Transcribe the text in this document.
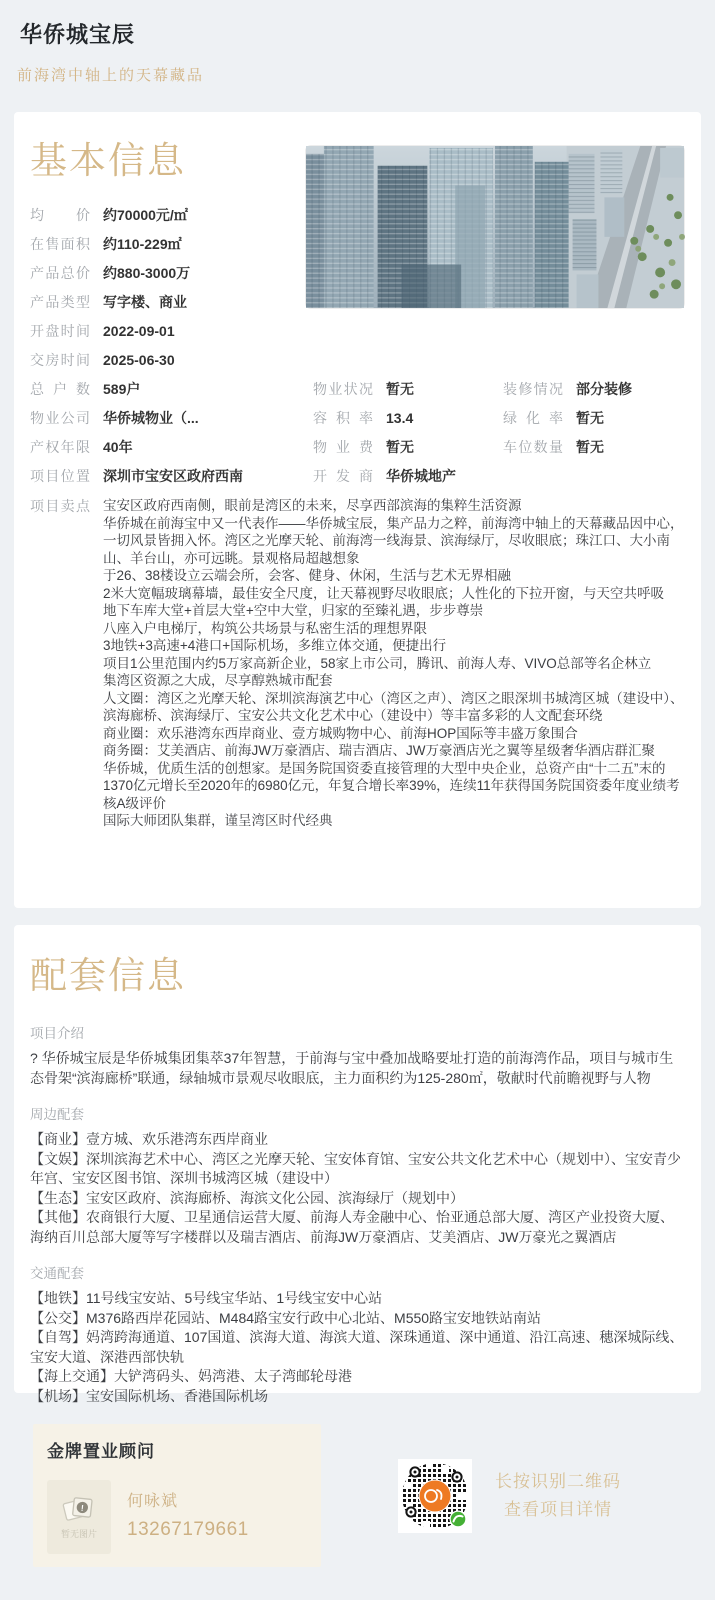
华侨城宝辰
前海湾中轴上的天幕藏品
基本信息
均价 约70000元/㎡
在售面积 约110-229㎡
产品总价 约880-3000万
产品类型 写字楼、商业
开盘时间 2022-09-01
交房时间 2025-06-30
总户数 589户
物业公司 华侨城物业（...
产权年限 40年
项目位置 深圳市宝安区政府西南
物业状况 暂无
容积率 13.4
物业费 暂无
开发商 华侨城地产
装修情况 部分装修
绿化率 暂无
车位数量 暂无
项目卖点 宝安区政府西南侧，眼前是湾区的未来，尽享西部滨海的集粹生活资源

华侨城在前海宝中又一代表作——华侨城宝辰，集产品力之粹，前海湾中轴上的天幕藏品因中心，一切风景皆拥入怀。湾区之光摩天轮、前海湾一线海景、滨海绿厅，尽收眼底；珠江口、大小南山、羊台山，亦可远眺。景观格局超越想象

于26、38楼设立云端会所，会客、健身、休闲，生活与艺术无界相融

2米大宽幅玻璃幕墙，最佳安全尺度，让天幕视野尽收眼底；人性化的下拉开窗，与天空共呼吸

地下车库大堂+首层大堂+空中大堂，归家的至臻礼遇，步步尊崇

八座入户电梯厅，构筑公共场景与私密生活的理想界限

3地铁+3高速+4港口+国际机场，多维立体交通，便捷出行

项目1公里范围内约5万家高新企业，58家上市公司，腾讯、前海人寿、VIVO总部等名企林立

集湾区资源之大成，尽享醇熟城市配套

人文圈：湾区之光摩天轮、深圳滨海演艺中心（湾区之声）、湾区之眼深圳书城湾区城（建设中）、滨海廊桥、滨海绿厅、宝安公共文化艺术中心（建设中）等丰富多彩的人文配套环绕

商业圈：欢乐港湾东西岸商业、壹方城购物中心、前海HOP国际等丰盛万象围合

商务圈：艾美酒店、前海JW万豪酒店、瑞吉酒店、JW万豪酒店光之翼等星级奢华酒店群汇聚

华侨城，优质生活的创想家。是国务院国资委直接管理的大型中央企业，总资产由“十二五”末的1370亿元增长至2020年的6980亿元，年复合增长率39%，连续11年获得国务院国资委年度业绩考核A级评价

国际大师团队集群，谨呈湾区时代经典

配套信息
项目介绍

? 华侨城宝辰是华侨城集团集萃37年智慧，于前海与宝中叠加战略要址打造的前海湾作品，项目与城市生态骨架“滨海廊桥”联通，绿轴城市景观尽收眼底，主力面积约为125-280㎡，敬献时代前瞻视野与人物

周边配套

【商业】壹方城、欢乐港湾东西岸商业

【文娱】深圳滨海艺术中心、湾区之光摩天轮、宝安体育馆、宝安公共文化艺术中心（规划中）、宝安青少年宫、宝安区图书馆、深圳书城湾区城（建设中）

【生态】宝安区政府、滨海廊桥、海滨文化公园、滨海绿厅（规划中）

【其他】农商银行大厦、卫星通信运营大厦、前海人寿金融中心、怡亚通总部大厦、湾区产业投资大厦、海纳百川总部大厦等写字楼群以及瑞吉酒店、前海JW万豪酒店、艾美酒店、JW万豪光之翼酒店

交通配套

【地铁】11号线宝安站、5号线宝华站、1号线宝安中心站

【公交】M376路西岸花园站、M484路宝安行政中心北站、M550路宝安地铁站南站

【自驾】妈湾跨海通道、107国道、滨海大道、海滨大道、深珠通道、深中通道、沿江高速、穗深城际线、宝安大道、深港西部快轨

【海上交通】大铲湾码头、妈湾港、太子湾邮轮母港

【机场】宝安国际机场、香港国际机场

金牌置业顾问
!
暂无图片
何咏斌
13267179661
长按识别二维码
查看项目详情
